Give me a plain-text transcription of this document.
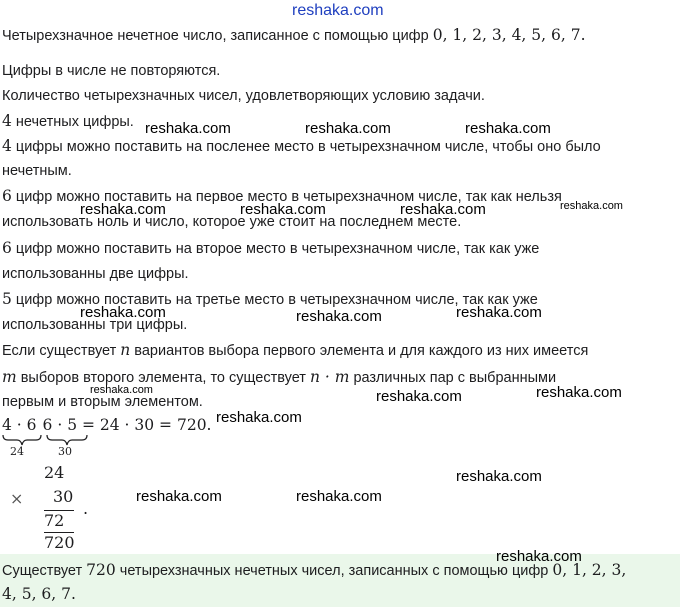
reshaka.com
Четырехзначное нечетное число, записанное с помощью цифр 0, 1, 2, 3, 4, 5, 6, 7.
Цифры в числе не повторяются.
Количество четырехзначных чисел, удовлетворяющих условию задачи.
4 нечетных цифры.
4 цифры можно поставить на послeнее место в четырехзначном числе, чтобы оно было
нечетным.
6 цифр можно поставить на первое место в четырехзначном числе, так как нельзя
использовать ноль и число, которое уже стоит на последнем месте.
6 цифр можно поставить на второе место в четырехзначном числе, так как уже
использованны две цифры.
5 цифр можно поставить на третье место в четырехзначном числе, так как уже
использованны три цифры.
Если существует n вариантов выбора первого элемента и для каждого из них имеется
m выборов второго элемента, то существует n · m различных пар с выбранными
первым и вторым элементом.
4 · 6 6 · 5 = 24 · 30 = 720.
24	30
24
× 30
72
.
720
Существует 720 четырехзначных нечетных чисел, записанных с помощью цифр 0, 1, 2, 3,
4, 5, 6, 7.
reshaka.com	reshaka.com	reshaka.com
reshaka.com	reshaka.com	reshaka.com	reshaka.com
reshaka.com	reshaka.com	reshaka.com
reshaka.com	reshaka.com	reshaka.com
reshaka.com
reshaka.com
reshaka.com	reshaka.com
reshaka.com
